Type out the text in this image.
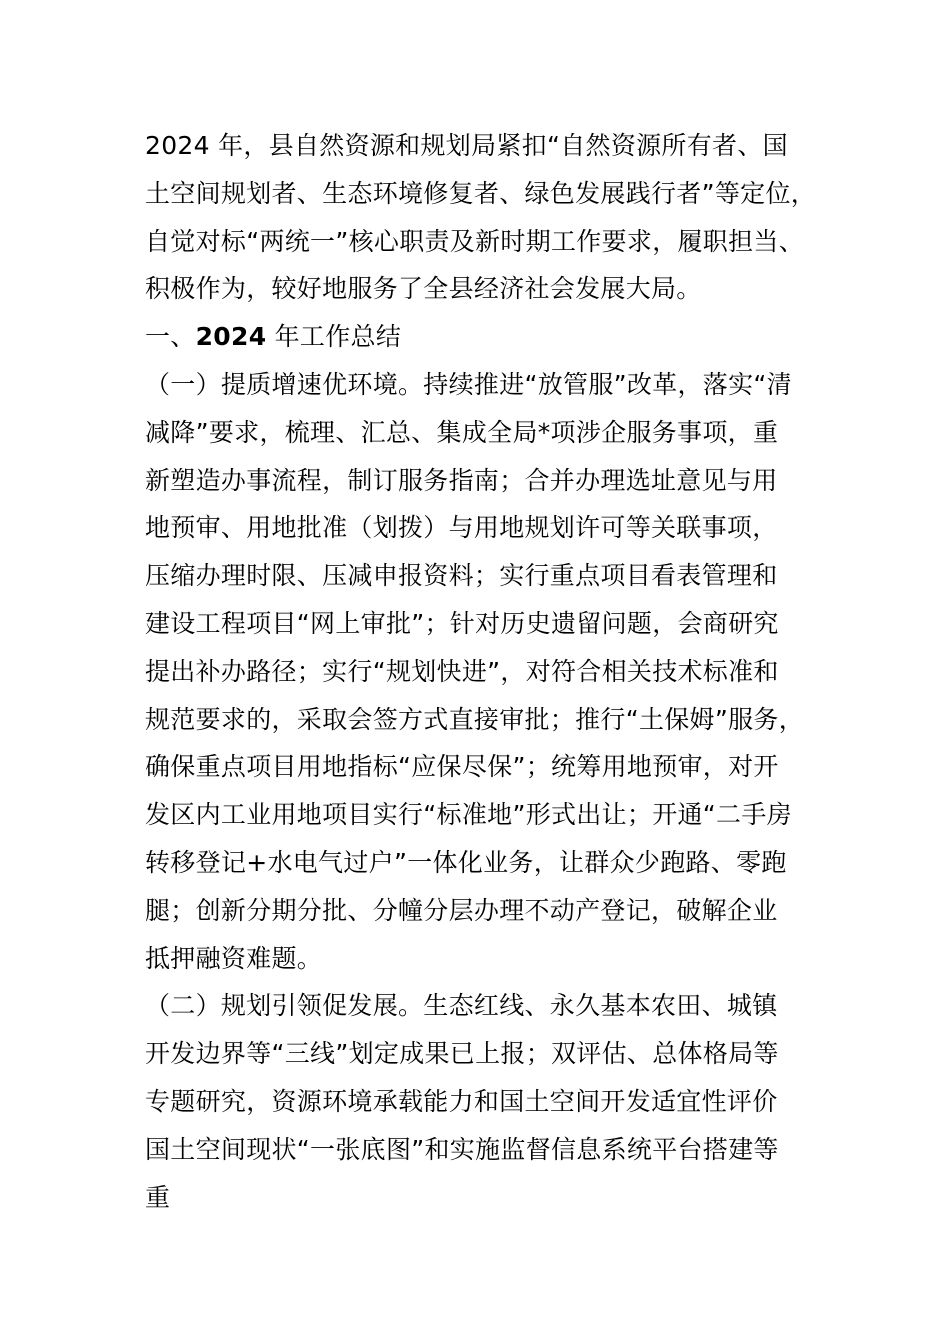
2024 年，县自然资源和规划局紧扣“自然资源所有者、国
土空间规划者、生态环境修复者、绿色发展践行者”等定位，
自觉对标“两统一”核心职责及新时期工作要求，履职担当、
积极作为，较好地服务了全县经济社会发展大局。
一、2024 年工作总结
（一）提质增速优环境。持续推进“放管服”改革，落实“清
减降”要求，梳理、汇总、集成全局*项涉企服务事项，重
新塑造办事流程，制订服务指南；合并办理选址意见与用
地预审、用地批准（划拨）与用地规划许可等关联事项，
压缩办理时限、压减申报资料；实行重点项目看表管理和
建设工程项目“网上审批”；针对历史遗留问题，会商研究
提出补办路径；实行“规划快进”，对符合相关技术标准和
规范要求的，采取会签方式直接审批；推行“土保姆”服务，
确保重点项目用地指标“应保尽保”；统筹用地预审，对开
发区内工业用地项目实行“标准地”形式出让；开通“二手房
转移登记+水电气过户”一体化业务，让群众少跑路、零跑
腿；创新分期分批、分幢分层办理不动产登记，破解企业
抵押融资难题。
（二）规划引领促发展。生态红线、永久基本农田、城镇
开发边界等“三线”划定成果已上报；双评估、总体格局等
专题研究，资源环境承载能力和国土空间开发适宜性评价
国土空间现状“一张底图”和实施监督信息系统平台搭建等
重
